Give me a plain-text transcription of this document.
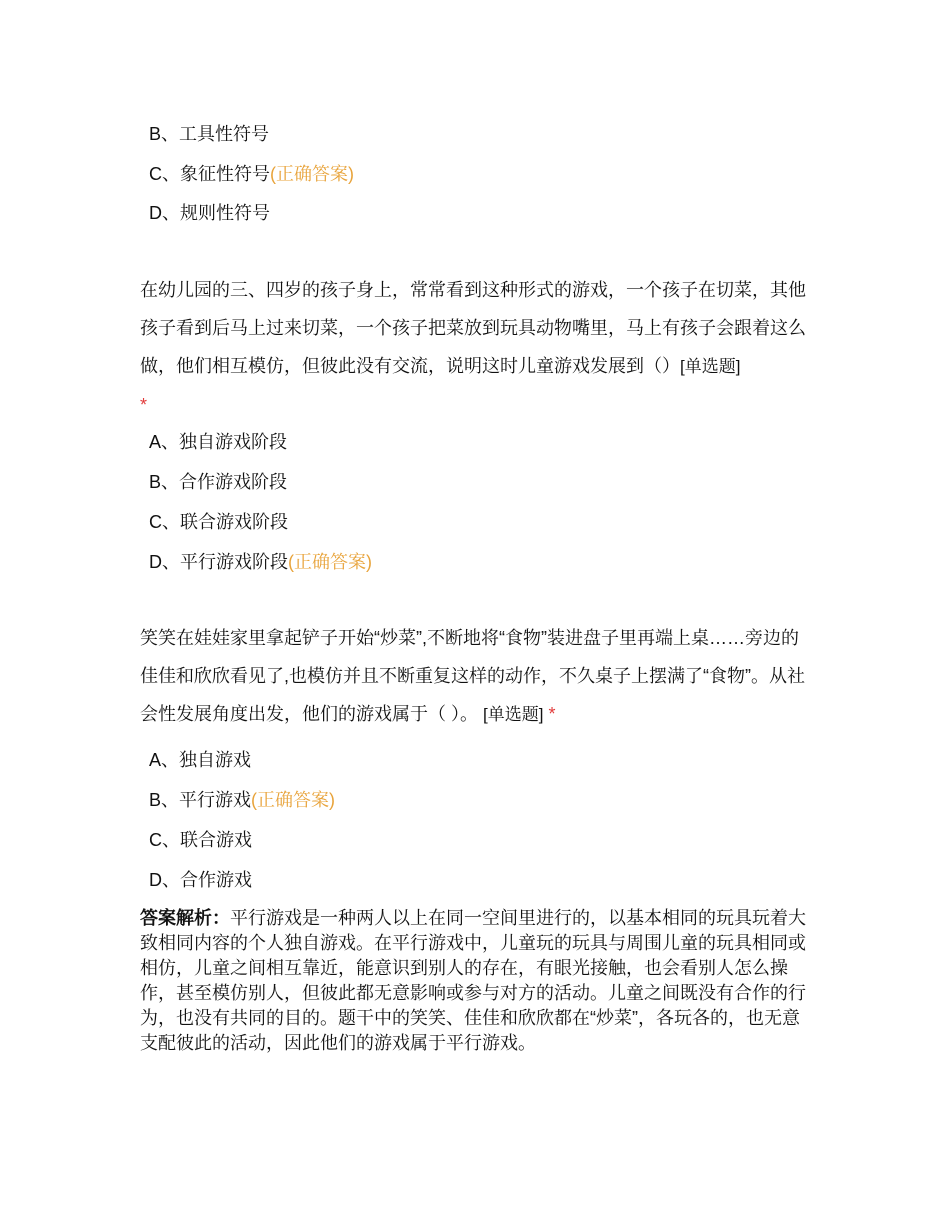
B、工具性符号
C、象征性符号(正确答案)
D、规则性符号
在幼儿园的三、四岁的孩子身上，常常看到这种形式的游戏，一个孩子在切菜，其他孩子看到后马上过来切菜，一个孩子把菜放到玩具动物嘴里，马上有孩子会跟着这么做，他们相互模仿，但彼此没有交流，说明这时儿童游戏发展到（）[单选题]
*
A、独自游戏阶段
B、合作游戏阶段
C、联合游戏阶段
D、平行游戏阶段(正确答案)
笑笑在娃娃家里拿起铲子开始“炒菜”,不断地将“食物”装进盘子里再端上桌……旁边的佳佳和欣欣看见了,也模仿并且不断重复这样的动作，不久桌子上摆满了“食物”。从社会性发展角度出发，他们的游戏属于（ ）。 [单选题] *
A、独自游戏
B、平行游戏(正确答案)
C、联合游戏
D、合作游戏
答案解析：平行游戏是一种两人以上在同一空间里进行的，以基本相同的玩具玩着大致相同内容的个人独自游戏。在平行游戏中，儿童玩的玩具与周围儿童的玩具相同或相仿，儿童之间相互靠近，能意识到别人的存在，有眼光接触，也会看别人怎么操作，甚至模仿别人，但彼此都无意影响或参与对方的活动。儿童之间既没有合作的行为，也没有共同的目的。题干中的笑笑、佳佳和欣欣都在“炒菜”，各玩各的，也无意支配彼此的活动，因此他们的游戏属于平行游戏。
